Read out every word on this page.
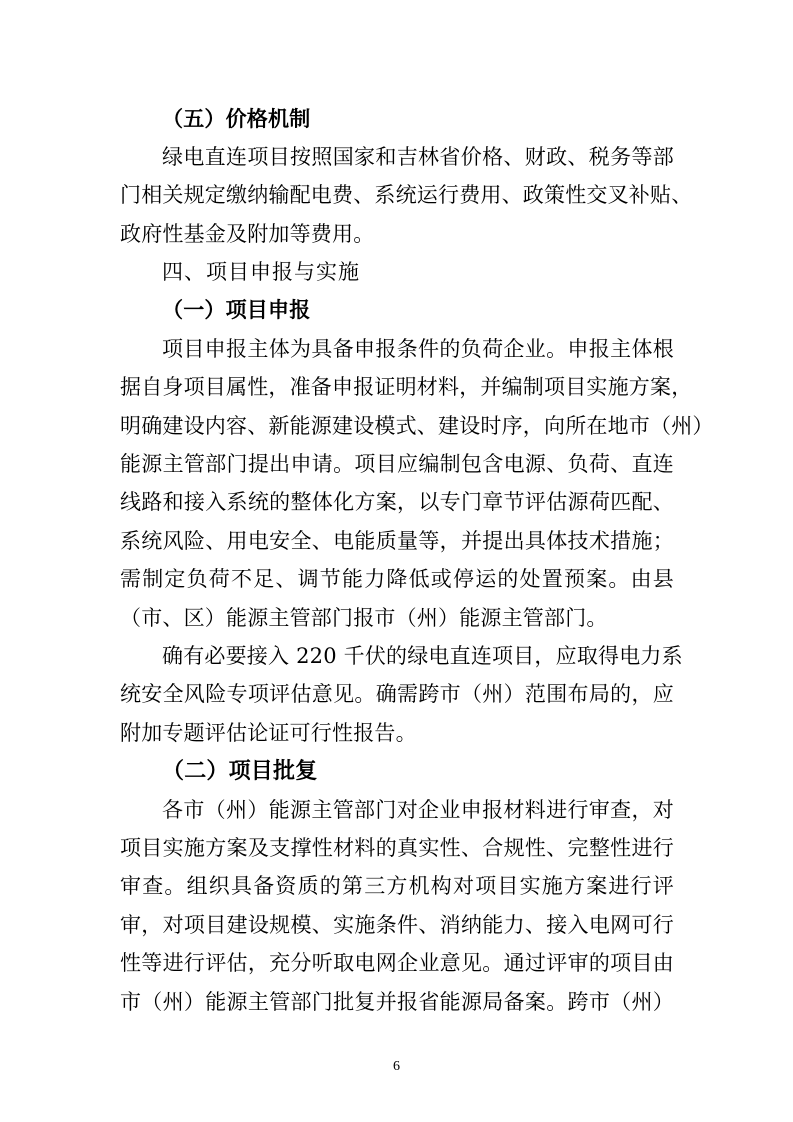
（五）价格机制
绿电直连项目按照国家和吉林省价格、财政、税务等部
门相关规定缴纳输配电费、系统运行费用、政策性交叉补贴、
政府性基金及附加等费用。
四、项目申报与实施
（一）项目申报
项目申报主体为具备申报条件的负荷企业。申报主体根
据自身项目属性，准备申报证明材料，并编制项目实施方案，
明确建设内容、新能源建设模式、建设时序，向所在地市（州）
能源主管部门提出申请。项目应编制包含电源、负荷、直连
线路和接入系统的整体化方案，以专门章节评估源荷匹配、
系统风险、用电安全、电能质量等，并提出具体技术措施；
需制定负荷不足、调节能力降低或停运的处置预案。由县
（市、区）能源主管部门报市（州）能源主管部门。
确有必要接入 220 千伏的绿电直连项目，应取得电力系
统安全风险专项评估意见。确需跨市（州）范围布局的，应
附加专题评估论证可行性报告。
（二）项目批复
各市（州）能源主管部门对企业申报材料进行审查，对
项目实施方案及支撑性材料的真实性、合规性、完整性进行
审查。组织具备资质的第三方机构对项目实施方案进行评
审，对项目建设规模、实施条件、消纳能力、接入电网可行
性等进行评估，充分听取电网企业意见。通过评审的项目由
市（州）能源主管部门批复并报省能源局备案。跨市（州）
6
